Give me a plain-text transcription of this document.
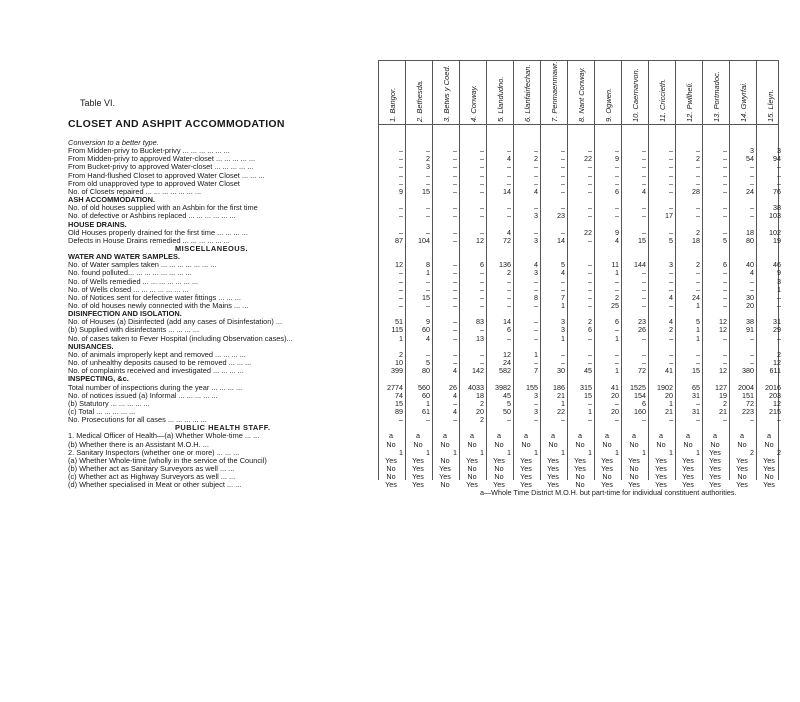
Table VI.
CLOSET AND ASHPIT ACCOMMODATION
a—Whole Time District M.O.H. but part-time for individual constituent authorities.
1. Bangor.	2. Bethesda.	3. Betws y Coed.	4. Conway.	5. Llandudno.	6. Llanfairfechan.	7. Penmaenmawr.	8. Nant Conway.	9. Ogwen.	10. Caernarvon.	11. Criccieth.	12. Pwllheli.	13. Portmadoc.	14. Gwyrfai.	15. Lleyn.
Conversion to a better type.
From Midden-privy to Bucket-privy ... ... ... ... ... ...	–	–	–	–	–	–	–	–	–	–	–	–	–	3	3
From Midden-privy to approved Water-closet ... ... ... ... ...	–	2	–	–	4	2	–	22	9	–	–	2	–	54	94
From Bucket-privy to approved Water-closet ... ... ... ... ...	–	3	–	–	–	–	–	–	–	–	–	–	–	–	–
From Hand-flushed Closet to approved Water Closet ... ... ...	–	–	–	–	–	–	–	–	–	–	–	–	–	–	–
From old unapproved type to approved Water Closet	–	–	–	–	–	–	–	–	–	–	–	–	–	–	–
No. of Closets repaired ... ... ... ... ... ... ...	9	15	–	–	14	4	–	–	6	4	–	28	–	24	76
ASH ACCOMMODATION.
No. of old houses supplied with an Ashbin for the first time	–	–	–	–	–	–	–	–	–	–	–	–	–	–	38
No. of defective or Ashbins replaced ... ... ... ... ... ...	–	–	–	–	–	3	23	–	–	–	17	–	–	–	103
HOUSE DRAINS.
Old Houses properly drained for the first time ... ... ... ...	–	–	–	–	4	–	–	22	9	–	–	2	–	18	102
Defects in House Drains remedied ... ... ... ... ... ...	87	104	–	12	72	3	14	–	4	15	5	18	5	80	19
MISCELLANEOUS.
WATER AND WATER SAMPLES.
No. of Water samples taken ... ... ... ... ... ... ...	12	8	–	6	136	4	5	–	11	144	3	2	6	40	46
No. found polluted... ... ... ... ... ... ... ...	–	1	–	–	2	3	4	–	1	–	–	–	–	4	9
No. of Wells remedied ... ... ... ... ... ... ...	–	–	–	–	–	–	–	–	–	–	–	–	–	–	3
No. of Wells closed ... ... ... ... ... ... ...	–	–	–	–	–	–	–	–	–	–	–	–	–	–	1
No. of Notices sent for defective water fittings ... ... ...	–	15	–	–	–	8	7	–	2	–	4	24	–	30	–
No. of old houses newly connected with the Mains ... ...	–	–	–	–	–	–	1	–	25	–	–	1	–	20	–
DISINFECTION AND ISOLATION.
No. of Houses (a) Disinfected (add any cases of Disinfestation) ...	51	9	–	83	14	–	3	2	6	23	4	5	12	38	31
(b) Supplied with disinfectants ... ... ... ...	115	60	–	–	6	–	3	6	–	26	2	1	12	91	29
No. of cases taken to Fever Hospital (including Observation cases)...	1	4	–	13	–	–	1	–	1	–	–	1	–	–	–
NUISANCES.
No. of animals improperly kept and removed ... ... ... ...	2	–	–	–	12	1	–	–	–	–	–	–	–	–	2
No. of unhealthy deposits caused to be removed ... ... ...	10	5	–	–	24	–	–	–	–	–	–	–	–	–	12
No. of complaints received and investigated ... ... ... ...	399	80	4	142	582	7	30	45	1	72	41	15	12	380	611
INSPECTING, &c.
Total number of inspections during the year ... ... ... ...	2774	560	26	4033	3982	155	186	315	41	1525	1902	65	127	2004	2016
No. of notices issued (a) Informal ... ... ... ... ...	74	60	4	18	45	3	21	15	20	154	20	31	19	151	203
(b) Statutory ... ... ... ... ...	15	1	–	2	5	–	1	–	–	6	1	–	2	72	12
(c) Total ... ... ... ... ...	89	61	4	20	50	3	22	1	20	160	21	31	21	223	215
No. Prosecutions for all cases ... ... ... ... ...	–	–	–	2	–	–	–	–	–	–	–	–	–	–	–
PUBLIC HEALTH STAFF.
1. Medical Officer of Health—(a) Whether Whole-time ... ...	a	a	a	a	a	a	a	a	a	a	a	a	a	a	a
(b) Whether there is an Assistant M.O.H. ...	No	No	No	No	No	No	No	No	No	No	No	No	No	No	No
2. Sanitary Inspectors (whether one or more) ... ... ...	1	1	1	1	1	1	1	1	1	1	1	1	Yes	2	2
(a) Whether Whole-time (wholly in the service of the Council)	Yes	Yes	No	Yes	Yes	Yes	Yes	Yes	Yes	Yes	Yes	Yes	Yes	Yes	Yes
(b) Whether act as Sanitary Surveyors as well ... ...	No	Yes	Yes	No	No	Yes	Yes	Yes	Yes	No	Yes	Yes	Yes	Yes	Yes
(c) Whether act as Highway Surveyors as well ... ...	No	Yes	Yes	No	No	Yes	Yes	No	No	No	Yes	Yes	Yes	No	No
(d) Whether specialised in Meat or other subject ... ...	Yes	Yes	No	Yes	Yes	Yes	Yes	No	Yes	Yes	Yes	Yes	Yes	Yes	Yes
